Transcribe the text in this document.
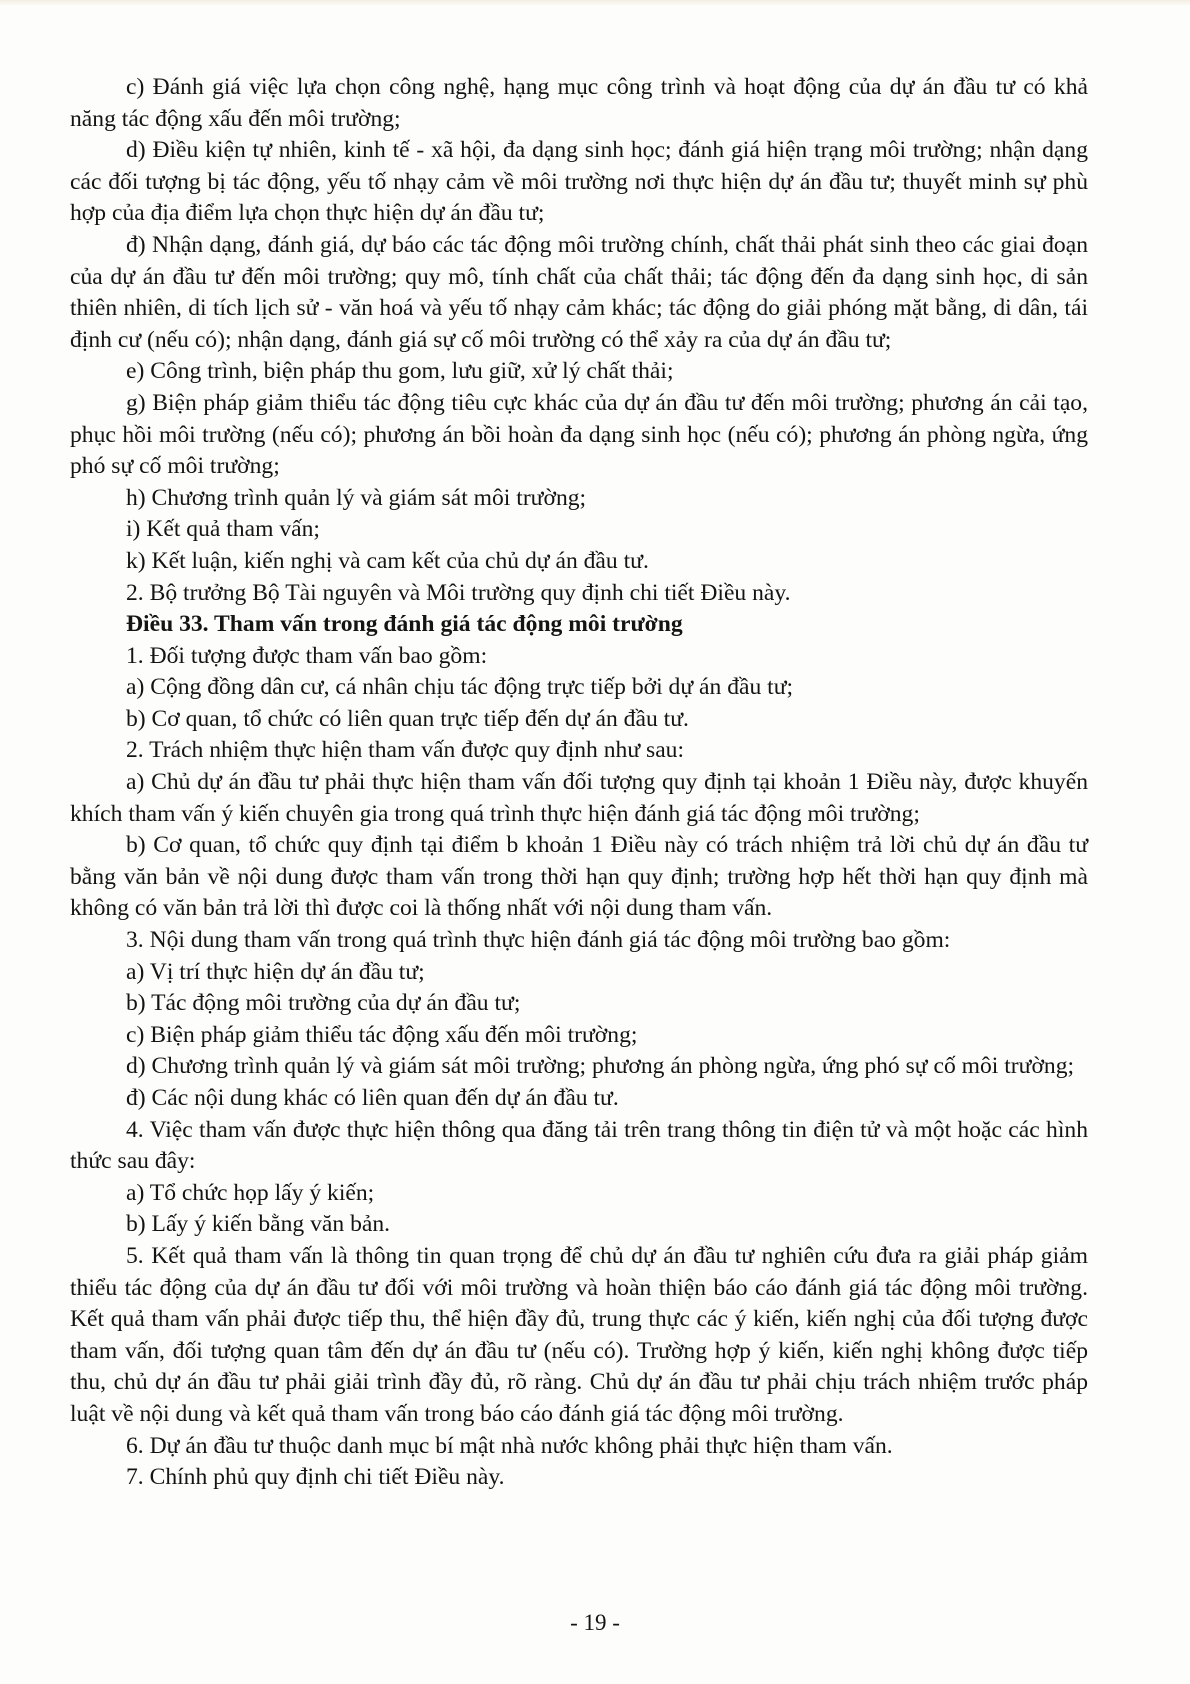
c) Đánh giá việc lựa chọn công nghệ, hạng mục công trình và hoạt động của dự án đầu tư có khả năng tác động xấu đến môi trường;

d) Điều kiện tự nhiên, kinh tế - xã hội, đa dạng sinh học; đánh giá hiện trạng môi trường; nhận dạng các đối tượng bị tác động, yếu tố nhạy cảm về môi trường nơi thực hiện dự án đầu tư; thuyết minh sự phù hợp của địa điểm lựa chọn thực hiện dự án đầu tư;

đ) Nhận dạng, đánh giá, dự báo các tác động môi trường chính, chất thải phát sinh theo các giai đoạn của dự án đầu tư đến môi trường; quy mô, tính chất của chất thải; tác động đến đa dạng sinh học, di sản thiên nhiên, di tích lịch sử - văn hoá và yếu tố nhạy cảm khác; tác động do giải phóng mặt bằng, di dân, tái định cư (nếu có); nhận dạng, đánh giá sự cố môi trường có thể xảy ra của dự án đầu tư;

e) Công trình, biện pháp thu gom, lưu giữ, xử lý chất thải;

g) Biện pháp giảm thiểu tác động tiêu cực khác của dự án đầu tư đến môi trường; phương án cải tạo, phục hồi môi trường (nếu có); phương án bồi hoàn đa dạng sinh học (nếu có); phương án phòng ngừa, ứng phó sự cố môi trường;

h) Chương trình quản lý và giám sát môi trường;

i) Kết quả tham vấn;

k) Kết luận, kiến nghị và cam kết của chủ dự án đầu tư.

2. Bộ trưởng Bộ Tài nguyên và Môi trường quy định chi tiết Điều này.

Điều 33. Tham vấn trong đánh giá tác động môi trường

1. Đối tượng được tham vấn bao gồm:

a) Cộng đồng dân cư, cá nhân chịu tác động trực tiếp bởi dự án đầu tư;

b) Cơ quan, tổ chức có liên quan trực tiếp đến dự án đầu tư.

2. Trách nhiệm thực hiện tham vấn được quy định như sau:

a) Chủ dự án đầu tư phải thực hiện tham vấn đối tượng quy định tại khoản 1 Điều này, được khuyến khích tham vấn ý kiến chuyên gia trong quá trình thực hiện đánh giá tác động môi trường;

b) Cơ quan, tổ chức quy định tại điểm b khoản 1 Điều này có trách nhiệm trả lời chủ dự án đầu tư bằng văn bản về nội dung được tham vấn trong thời hạn quy định; trường hợp hết thời hạn quy định mà không có văn bản trả lời thì được coi là thống nhất với nội dung tham vấn.

3. Nội dung tham vấn trong quá trình thực hiện đánh giá tác động môi trường bao gồm:

a) Vị trí thực hiện dự án đầu tư;

b) Tác động môi trường của dự án đầu tư;

c) Biện pháp giảm thiểu tác động xấu đến môi trường;

d) Chương trình quản lý và giám sát môi trường; phương án phòng ngừa, ứng phó sự cố môi trường;

đ) Các nội dung khác có liên quan đến dự án đầu tư.

4. Việc tham vấn được thực hiện thông qua đăng tải trên trang thông tin điện tử và một hoặc các hình thức sau đây:

a) Tổ chức họp lấy ý kiến;

b) Lấy ý kiến bằng văn bản.

5. Kết quả tham vấn là thông tin quan trọng để chủ dự án đầu tư nghiên cứu đưa ra giải pháp giảm thiểu tác động của dự án đầu tư đối với môi trường và hoàn thiện báo cáo đánh giá tác động môi trường. Kết quả tham vấn phải được tiếp thu, thể hiện đầy đủ, trung thực các ý kiến, kiến nghị của đối tượng được tham vấn, đối tượng quan tâm đến dự án đầu tư (nếu có). Trường hợp ý kiến, kiến nghị không được tiếp thu, chủ dự án đầu tư phải giải trình đầy đủ, rõ ràng. Chủ dự án đầu tư phải chịu trách nhiệm trước pháp luật về nội dung và kết quả tham vấn trong báo cáo đánh giá tác động môi trường.

6. Dự án đầu tư thuộc danh mục bí mật nhà nước không phải thực hiện tham vấn.

7. Chính phủ quy định chi tiết Điều này.

- 19 -
